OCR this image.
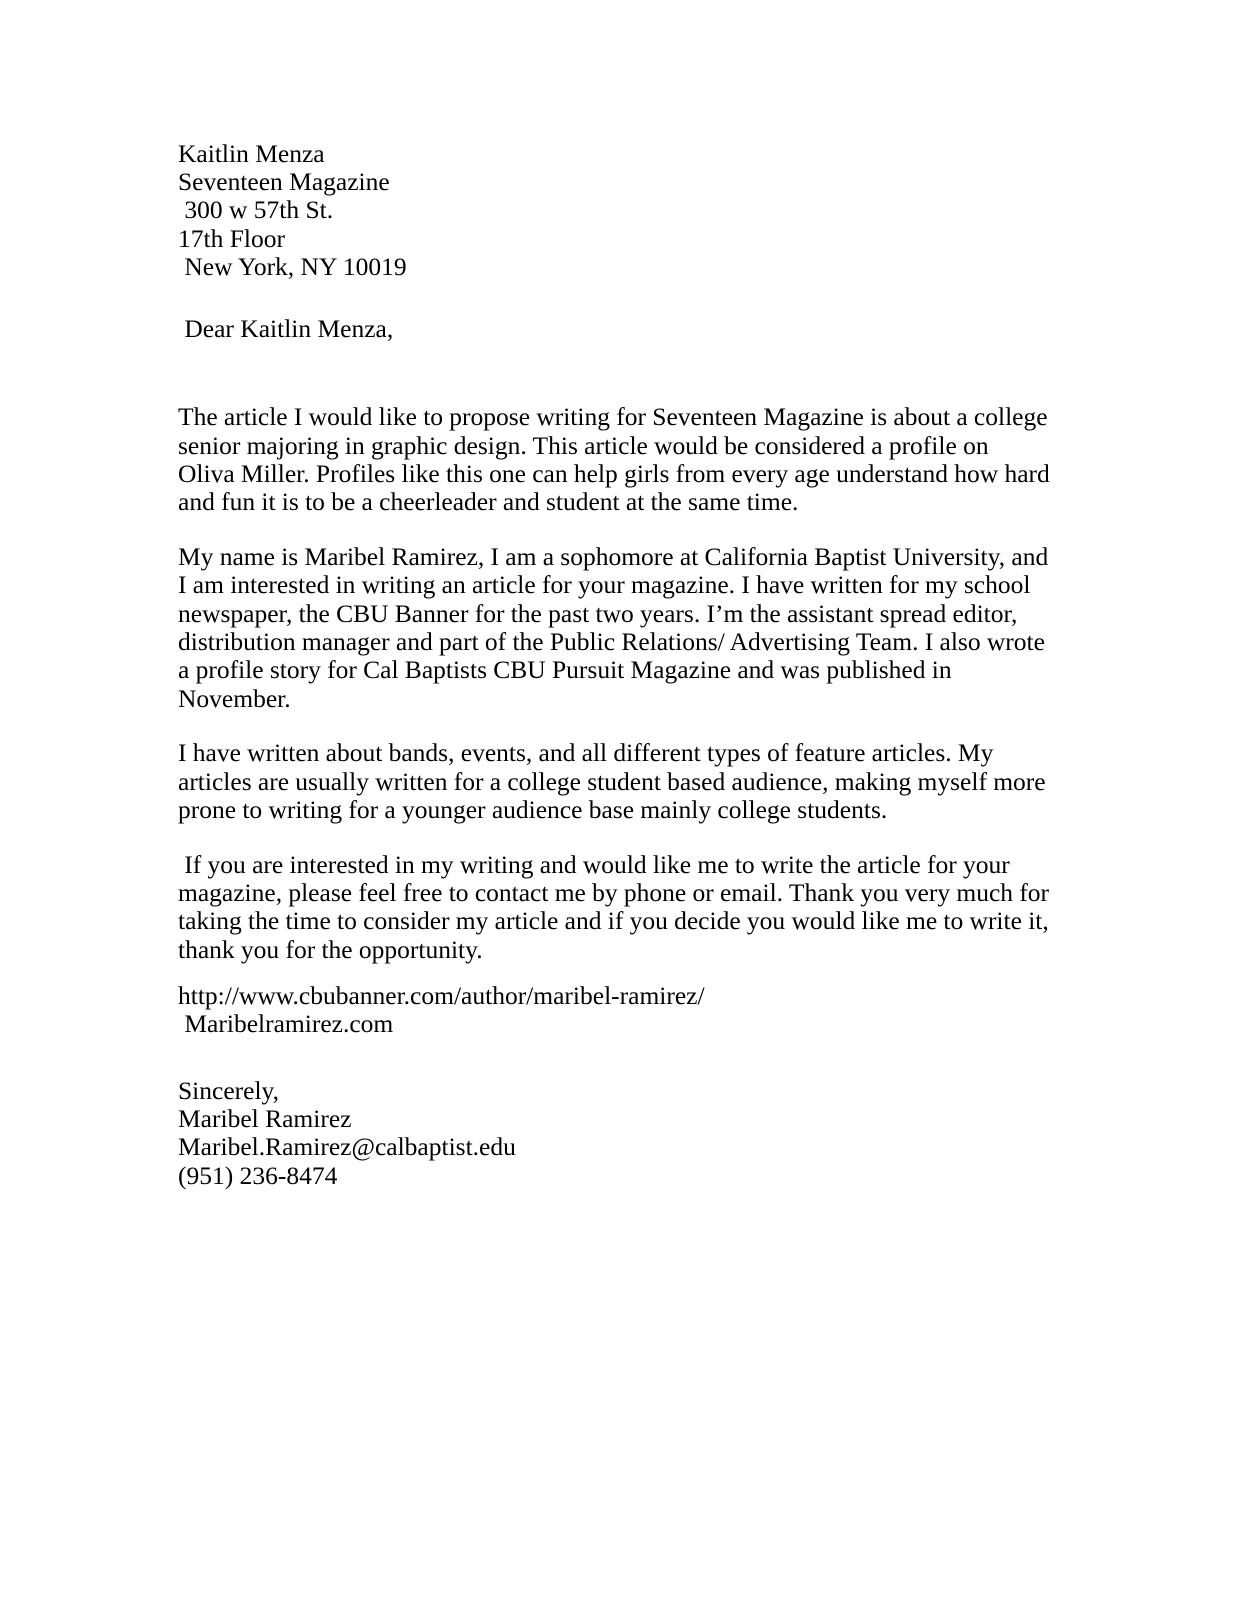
Kaitlin Menza
Seventeen Magazine
300 w 57th St.
17th Floor
New York, NY 10019
Dear Kaitlin Menza,

The article I would like to propose writing for Seventeen Magazine is about a college senior majoring in graphic design. This article would be considered a profile on Oliva Miller. Profiles like this one can help girls from every age understand how hard and fun it is to be a cheerleader and student at the same time.

My name is Maribel Ramirez, I am a sophomore at California Baptist University, and I am interested in writing an article for your magazine. I have written for my school newspaper, the CBU Banner for the past two years. I’m the assistant spread editor, distribution manager and part of the Public Relations/ Advertising Team. I also wrote a profile story for Cal Baptists CBU Pursuit Magazine and was published in November.

I have written about bands, events, and all different types of feature articles. My articles are usually written for a college student based audience, making myself more prone to writing for a younger audience base mainly college students.

If you are interested in my writing and would like me to write the article for your magazine, please feel free to contact me by phone or email. Thank you very much for taking the time to consider my article and if you decide you would like me to write it, thank you for the opportunity.

http://www.cbubanner.com/author/maribel-ramirez/
Maribelramirez.com
Sincerely,
Maribel Ramirez
Maribel.Ramirez@calbaptist.edu
(951) 236-8474
